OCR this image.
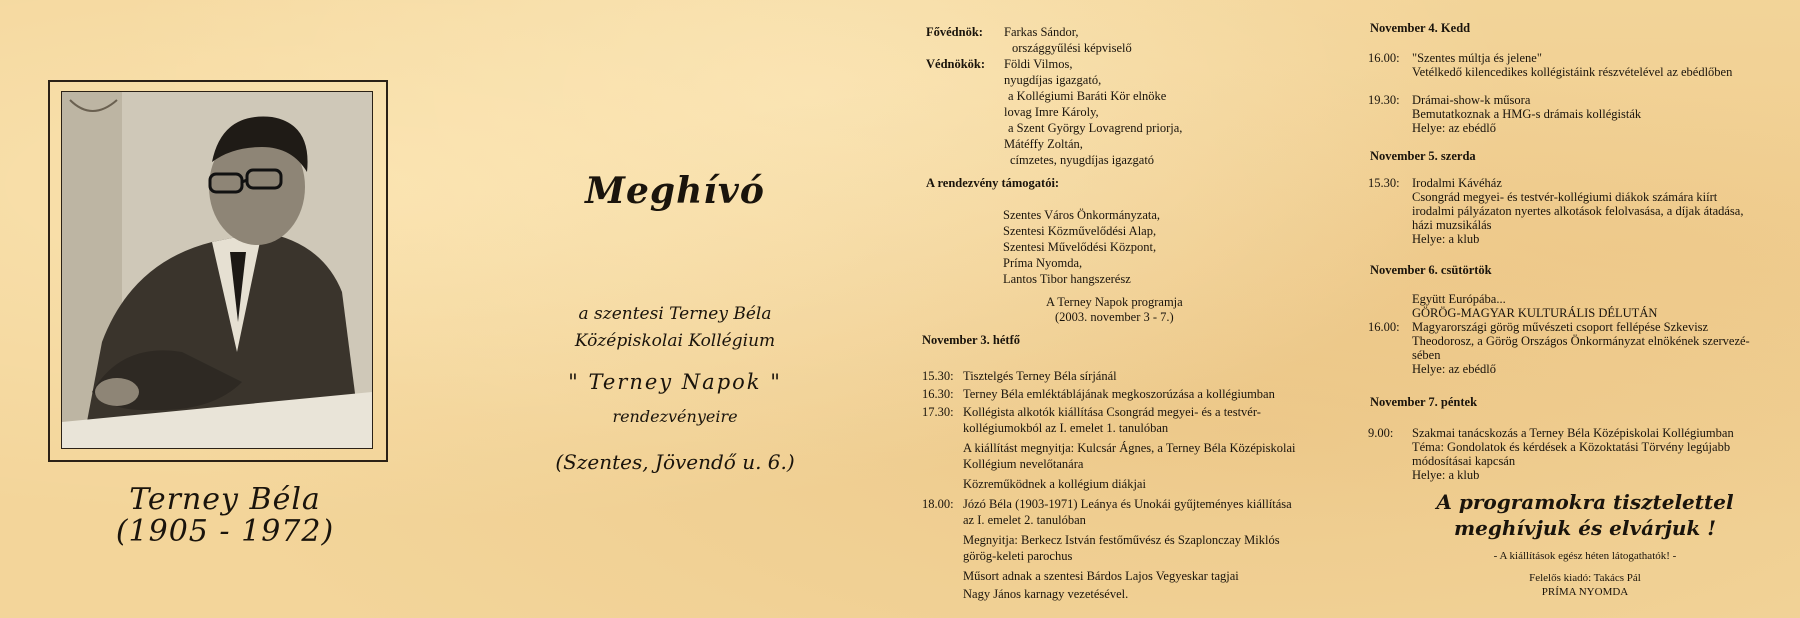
Terney Béla
(1905 - 1972)
Meghívó
a szentesi Terney Béla
Középiskolai Kollégium
" Terney Napok "
rendezvényeire
(Szentes, Jövendő u. 6.)
Fővédnök: Farkas Sándor,
országgyűlési képviselő
Védnökök: Földi Vilmos,
nyugdíjas igazgató,
a Kollégiumi Baráti Kör elnöke
lovag Imre Károly,
a Szent György Lovagrend priorja,
Mátéffy Zoltán,
címzetes, nyugdíjas igazgató
A rendezvény támogatói:
Szentes Város Önkormányzata,
Szentesi Közművelődési Alap,
Szentesi Művelődési Központ,
Príma Nyomda,
Lantos Tibor hangszerész
A Terney Napok programja
(2003. november 3 - 7.)
November 3. hétfő
15.30: Tisztelgés Terney Béla sírjánál
16.30: Terney Béla emléktáblájának megkoszorúzása a kollégiumban
17.30: Kollégista alkotók kiállítása Csongrád megyei- és a testvér-
kollégiumokból az I. emelet 1. tanulóban
A kiállítást megnyitja: Kulcsár Ágnes, a Terney Béla Középiskolai
Kollégium nevelőtanára
Közreműködnek a kollégium diákjai
18.00: Józó Béla (1903-1971) Leánya és Unokái gyűjteményes kiállítása
az I. emelet 2. tanulóban
Megnyitja: Berkecz István festőművész és Szaplonczay Miklós
görög-keleti parochus
Műsort adnak a szentesi Bárdos Lajos Vegyeskar tagjai
Nagy János karnagy vezetésével.
November 4. Kedd
16.00: "Szentes múltja és jelene"
Vetélkedő kilencedikes kollégistáink részvételével az ebédlőben
19.30: Drámai-show-k műsora
Bemutatkoznak a HMG-s drámais kollégisták
Helye: az ebédlő
November 5. szerda
15.30: Irodalmi Kávéház
Csongrád megyei- és testvér-kollégiumi diákok számára kiírt
irodalmi pályázaton nyertes alkotások felolvasása, a díjak átadása,
házi muzsikálás
Helye: a klub
November 6. csütörtök
Együtt Európába...
GÖRÖG-MAGYAR KULTURÁLIS DÉLUTÁN
16.00: Magyarországi görög művészeti csoport fellépése Szkevisz
Theodorosz, a Görög Országos Önkormányzat elnökének szervezé-
sében
Helye: az ebédlő
November 7. péntek
9.00: Szakmai tanácskozás a Terney Béla Középiskolai Kollégiumban
Téma: Gondolatok és kérdések a Közoktatási Törvény legújabb
módosításai kapcsán
Helye: a klub
A programokra tisztelettel
meghívjuk és elvárjuk !
- A kiállítások egész héten látogathatók! -
Felelős kiadó: Takács Pál
PRÍMA NYOMDA
